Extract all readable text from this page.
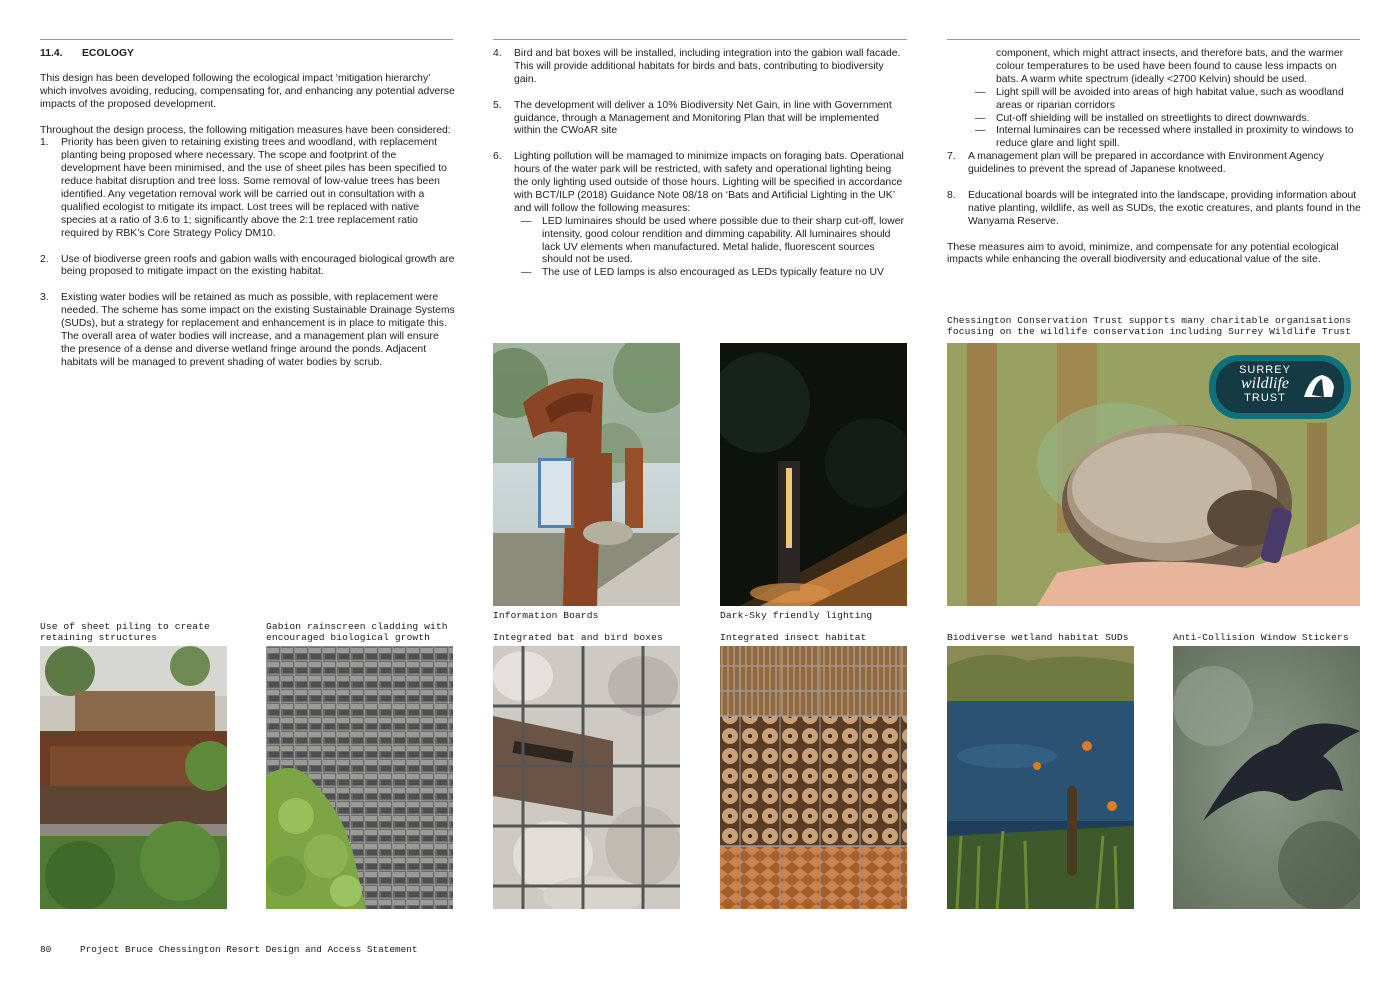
11.4. ECOLOGY

This design has been developed following the ecological impact ‘mitigation hierarchy’ which involves avoiding, reducing, compensating for, and enhancing any potential adverse impacts of the proposed development.

Throughout the design process, the following mitigation measures have been considered:

1. Priority has been given to retaining existing trees and woodland, with replacement planting being proposed where necessary. The scope and footprint of the development have been minimised, and the use of sheet piles has been specified to reduce habitat disruption and tree loss. Some removal of low-value trees has been identified. Any vegetation removal work will be carried out in consultation with a qualified ecologist to mitigate its impact. Lost trees will be replaced with native species at a ratio of 3.6 to 1; significantly above the 2:1 tree replacement ratio required by RBK’s Core Strategy Policy DM10.
2. Use of biodiverse green roofs and gabion walls with encouraged biological growth are being proposed to mitigate impact on the existing habitat.
3. Existing water bodies will be retained as much as possible, with replacement were needed. The scheme has some impact on the existing Sustainable Drainage Systems (SUDs), but a strategy for replacement and enhancement is in place to mitigate this. The overall area of water bodies will increase, and a management plan will ensure the presence of a dense and diverse wetland fringe around the ponds. Adjacent habitats will be managed to prevent shading of water bodies by scrub.
4. Bird and bat boxes will be installed, including integration into the gabion wall facade. This will provide additional habitats for birds and bats, contributing to biodiversity gain.
5. The development will deliver a 10% Biodiversity Net Gain, in line with Government guidance, through a Management and Monitoring Plan that will be implemented within the CWoAR site
6. Lighting pollution will be mamaged to minimize impacts on foraging bats. Operational hours of the water park will be restricted, with safety and operational lighting being the only lighting used outside of those hours. Lighting will be specified in accordance with BCT/ILP (2018) Guidance Note 08/18 on ‘Bats and Artificial Lighting in the UK’ and will follow the following measures:
— LED luminaires should be used where possible due to their sharp cut-off, lower intensity, good colour rendition and dimming capability. All luminaires should lack UV elements when manufactured. Metal halide, fluorescent sources should not be used.
— The use of LED lamps is also encouraged as LEDs typically feature no UV

component, which might attract insects, and therefore bats, and the warmer colour temperatures to be used have been found to cause less impacts on bats. A warm white spectrum (ideally <2700 Kelvin) should be used.

— Light spill will be avoided into areas of high habitat value, such as woodland areas or riparian corridors
— Cut-off shielding will be installed on streetlights to direct downwards.
— Internal luminaires can be recessed where installed in proximity to windows to reduce glare and light spill.
7. A management plan will be prepared in accordance with Environment Agency guidelines to prevent the spread of Japanese knotweed.
8. Educational boards will be integrated into the landscape, providing information about native planting, wildlife, as well as SUDs, the exotic creatures, and plants found in the Wanyama Reserve.

These measures aim to avoid, minimize, and compensate for any potential ecological impacts while enhancing the overall biodiversity and educational value of the site.

Chessington Conservation Trust supports many charitable organisations focusing on the wildlife conservation including Surrey Wildlife Trust
Information Boards	Dark-Sky friendly lighting
Use of sheet piling to create retaining structures
Gabion rainscreen cladding with encouraged biological growth	Integrated bat and bird boxes	Integrated insect habitat	Biodiverse wetland habitat SUDs	Anti-Collision Window Stickers
SURREY
wildlife
TRUST
80	Project Bruce Chessington Resort Design and Access Statement
